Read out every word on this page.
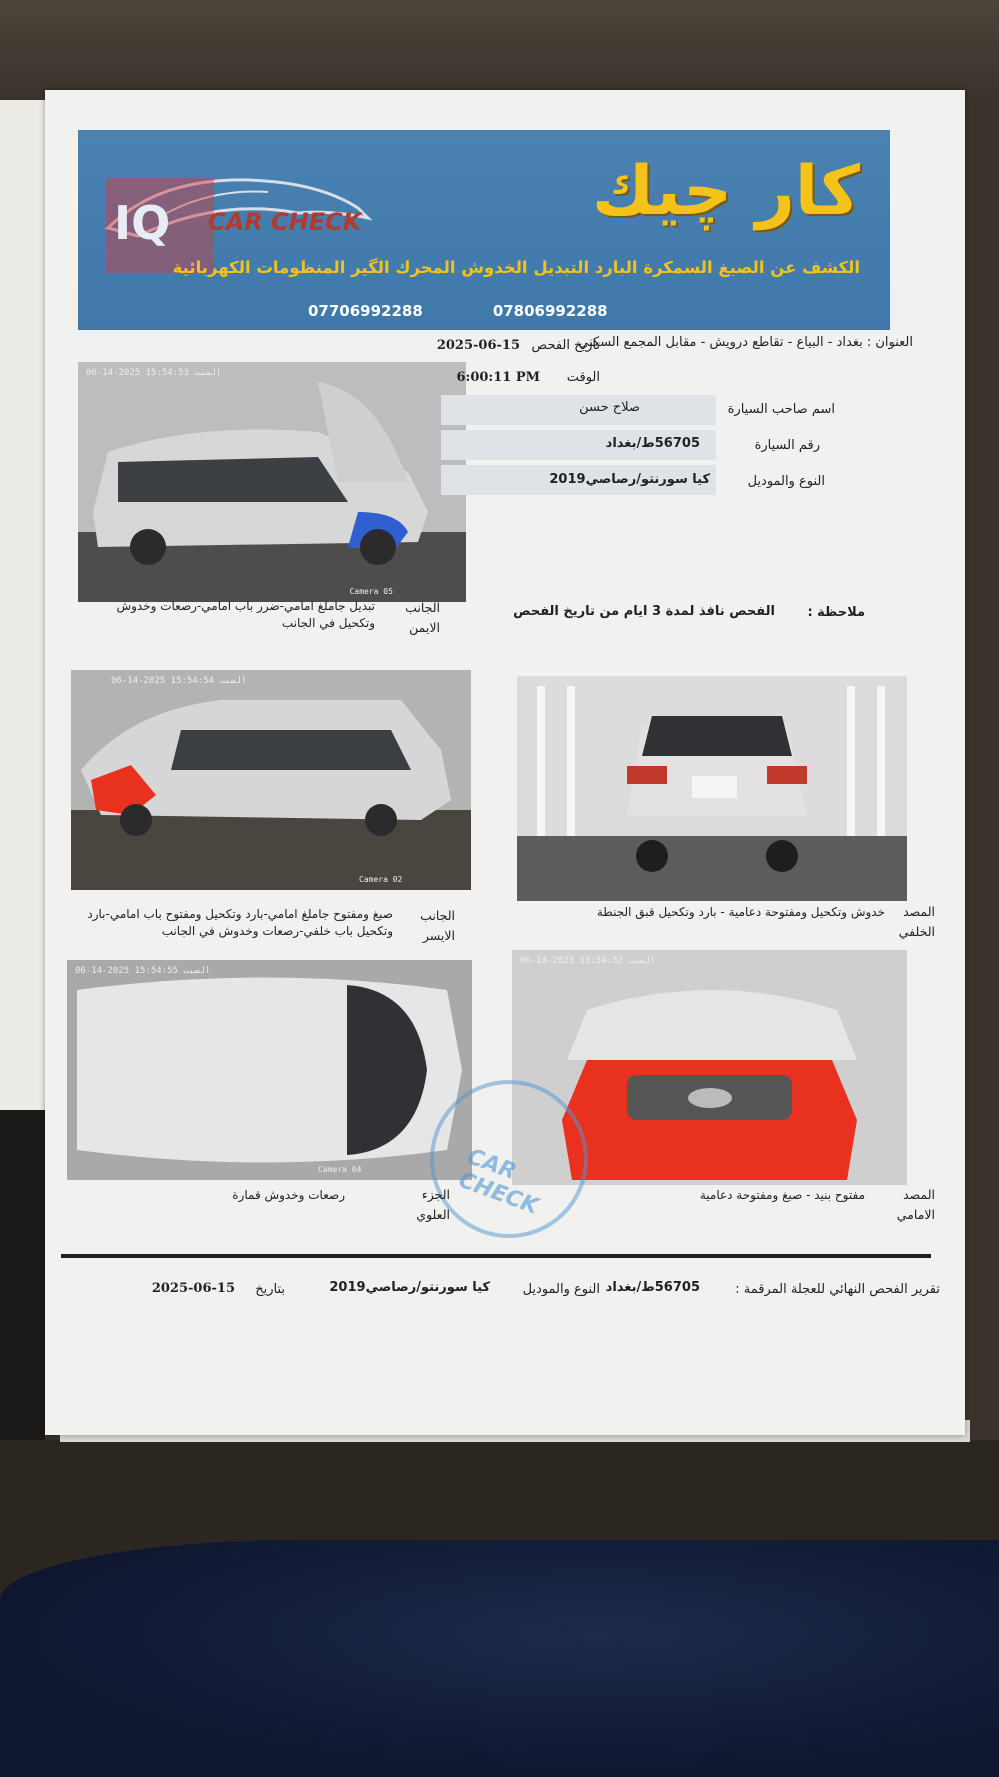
IQ CAR CHECK	كار چيك
الكشف عن الصبغ السمكرة البارد التبديل الخدوش المحرك الگير المنظومات الكهربائية
07706992288	07806992288
العنوان : بغداد - البياع - تقاطع درويش - مقابل المجمع السكني
06-14-2025 السبت 15:54:53
Camera 05
تاريخ الفحص
2025-06-15
الوقت
6:00:11 PM
اسم صاحب السيارة
صلاح حسن
رقم السيارة
56705ط/بغداد
النوع والموديل
كيا سورنتو/رصاصي2019
تبديل جاملغ امامي-ضرر باب امامي-رصعات وخدوش وتكحيل في الجانب
الجانب الايمن
ملاحظة :
الفحص نافذ لمدة 3 ايام من تاريخ الفحص
06-14-2025 السبت 15:54:54
Camera 02
صبغ ومفتوح جاملغ امامي-بارد وتكحيل ومفتوح باب امامي-بارد وتكحيل باب خلفي-رصعات وخدوش في الجانب
الجانب الايسر
خدوش وتكحيل ومفتوحة دعامية - بارد وتكحيل قبق الجنطة	المصد الخلفي
06-14-2025 السبت 15:54:55
Camera 04
06-14-2025 السبت 15:54:52
CAR CHECK
رصعات وخدوش قمارة	الجزء العلوي
مفتوح بنيد - صبغ ومفتوحة دعامية	المصد الامامي
تقرير الفحص النهائي للعجلة المرقمة :
56705ط/بغداد
النوع والموديل
كيا سورنتو/رصاصي2019
بتاريخ
2025-06-15
